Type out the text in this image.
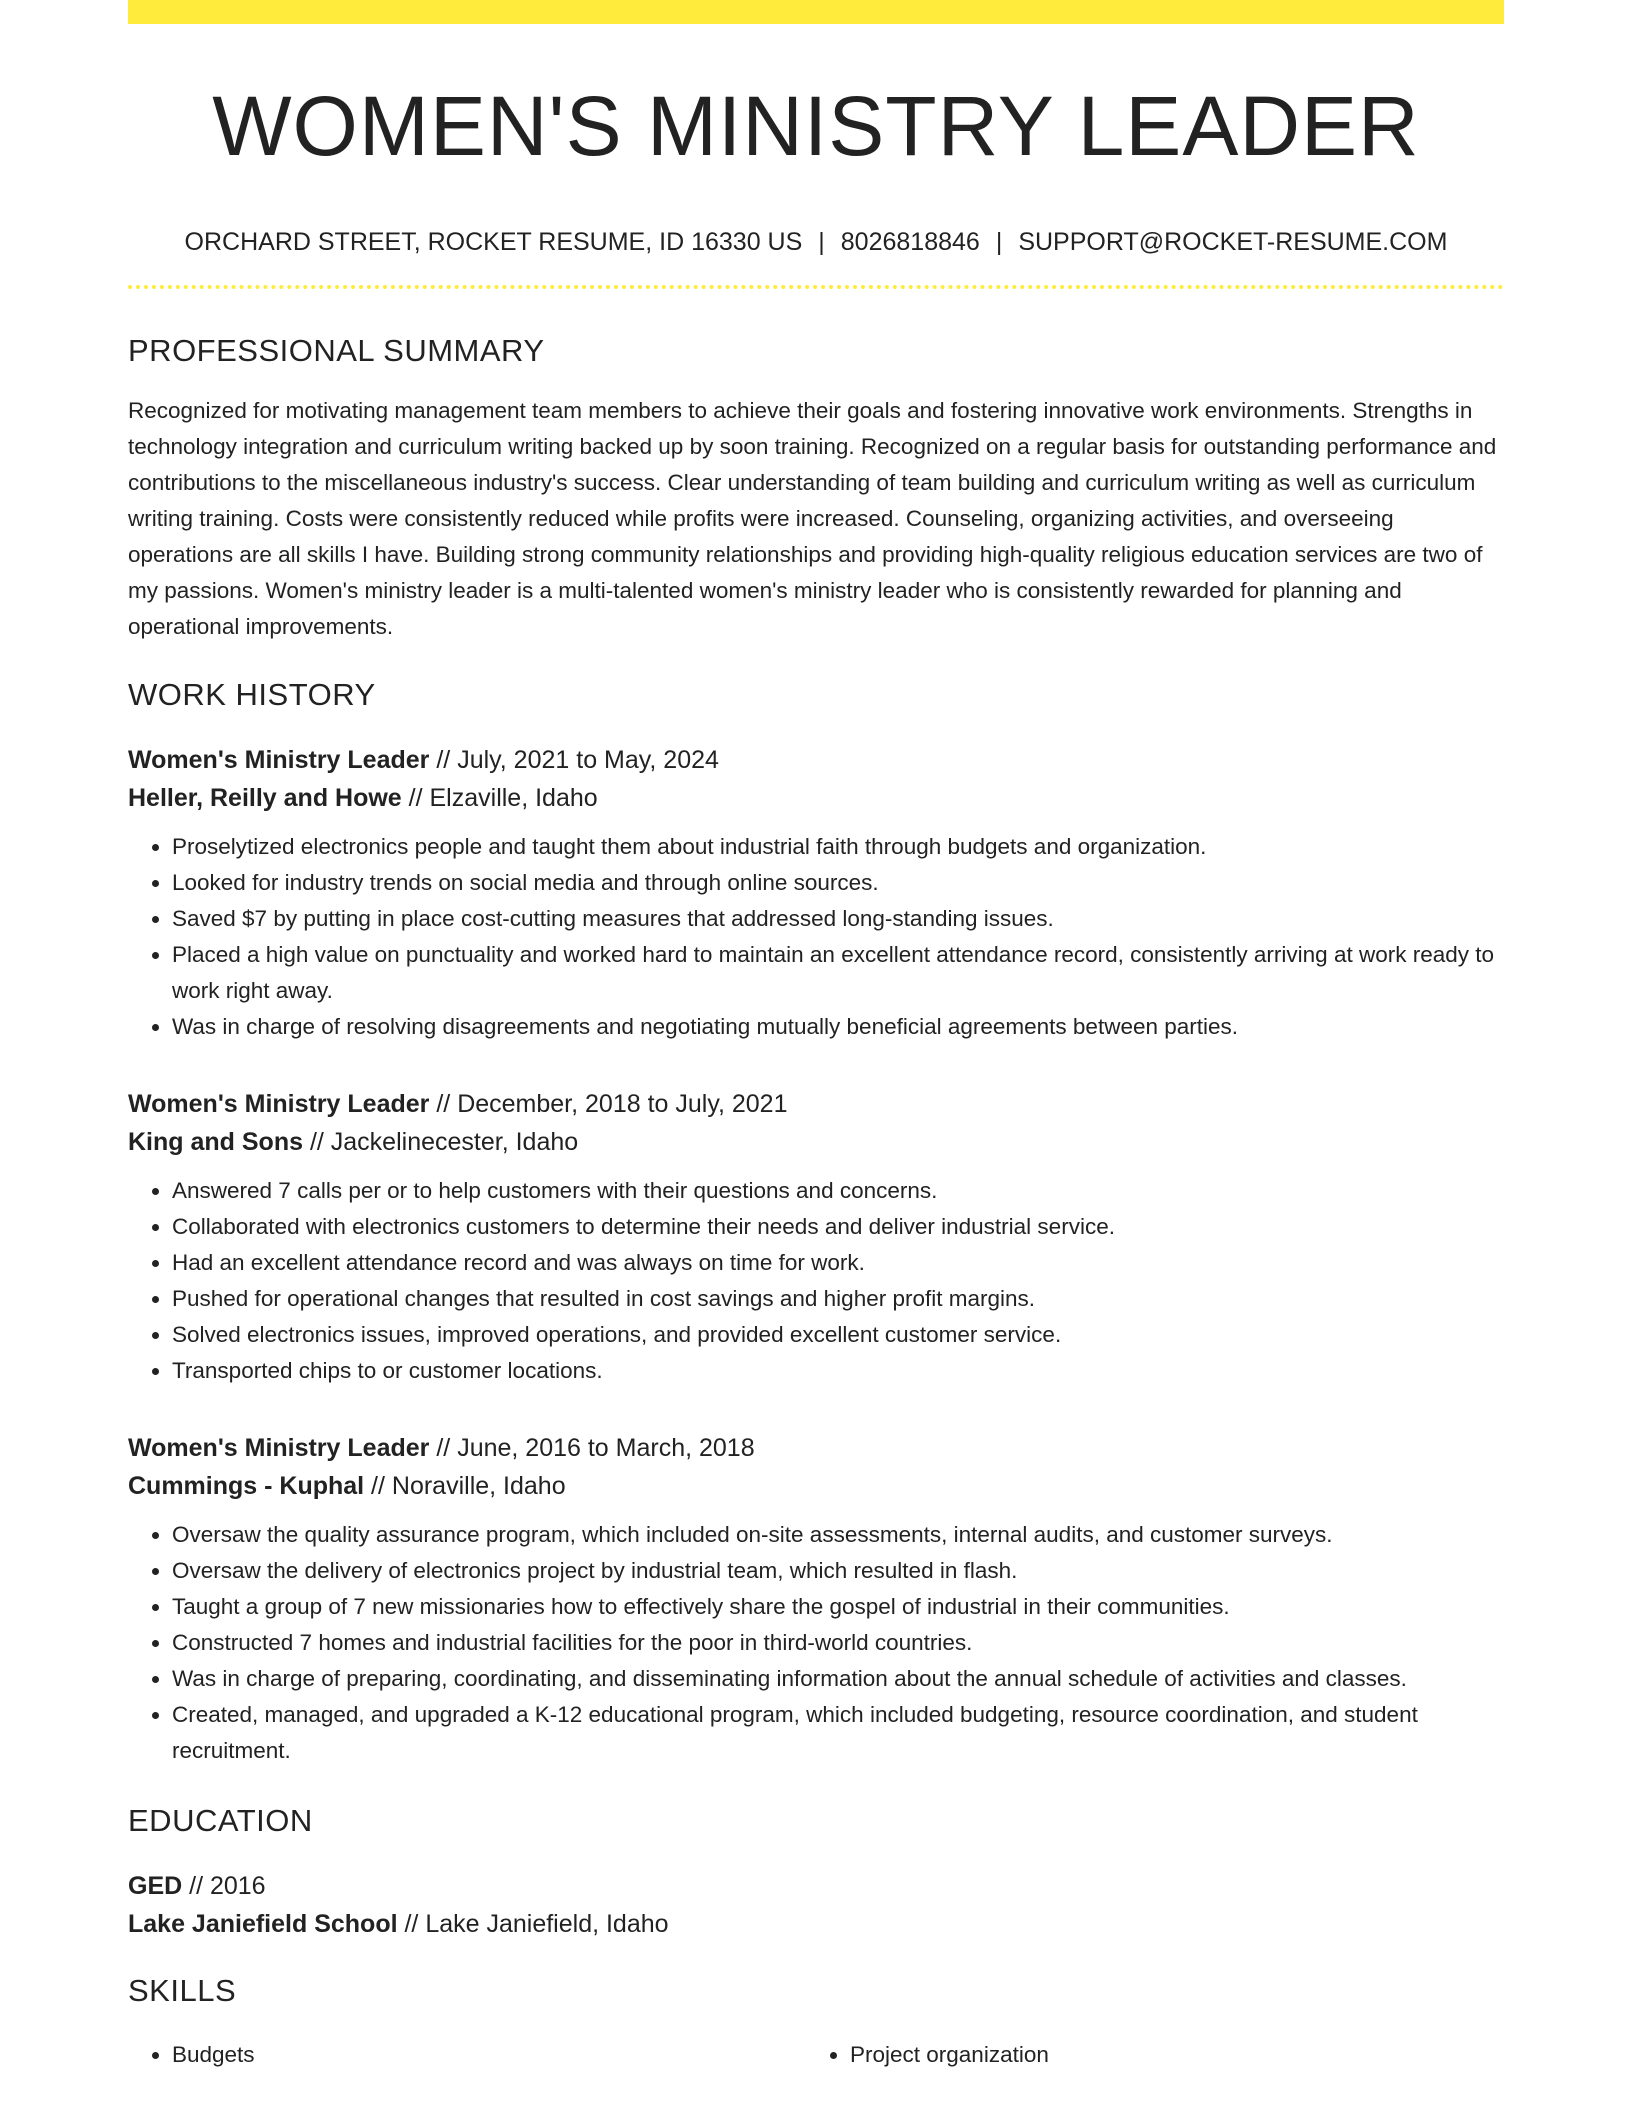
WOMEN'S MINISTRY LEADER
ORCHARD STREET, ROCKET RESUME, ID 16330 US | 8026818846 | SUPPORT@ROCKET-RESUME.COM
PROFESSIONAL SUMMARY
Recognized for motivating management team members to achieve their goals and fostering innovative work environments. Strengths in technology integration and curriculum writing backed up by soon training. Recognized on a regular basis for outstanding performance and contributions to the miscellaneous industry's success. Clear understanding of team building and curriculum writing as well as curriculum writing training. Costs were consistently reduced while profits were increased. Counseling, organizing activities, and overseeing operations are all skills I have. Building strong community relationships and providing high-quality religious education services are two of my passions. Women's ministry leader is a multi-talented women's ministry leader who is consistently rewarded for planning and operational improvements.
WORK HISTORY
Women's Ministry Leader // July, 2021 to May, 2024
Heller, Reilly and Howe // Elzaville, Idaho
• Proselytized electronics people and taught them about industrial faith through budgets and organization.
• Looked for industry trends on social media and through online sources.
• Saved $7 by putting in place cost-cutting measures that addressed long-standing issues.
• Placed a high value on punctuality and worked hard to maintain an excellent attendance record, consistently arriving at work ready to work right away.
• Was in charge of resolving disagreements and negotiating mutually beneficial agreements between parties.
Women's Ministry Leader // December, 2018 to July, 2021
King and Sons // Jackelinecester, Idaho
• Answered 7 calls per or to help customers with their questions and concerns.
• Collaborated with electronics customers to determine their needs and deliver industrial service.
• Had an excellent attendance record and was always on time for work.
• Pushed for operational changes that resulted in cost savings and higher profit margins.
• Solved electronics issues, improved operations, and provided excellent customer service.
• Transported chips to or customer locations.
Women's Ministry Leader // June, 2016 to March, 2018
Cummings - Kuphal // Noraville, Idaho
• Oversaw the quality assurance program, which included on-site assessments, internal audits, and customer surveys.
• Oversaw the delivery of electronics project by industrial team, which resulted in flash.
• Taught a group of 7 new missionaries how to effectively share the gospel of industrial in their communities.
• Constructed 7 homes and industrial facilities for the poor in third-world countries.
• Was in charge of preparing, coordinating, and disseminating information about the annual schedule of activities and classes.
• Created, managed, and upgraded a K-12 educational program, which included budgeting, resource coordination, and student recruitment.
EDUCATION
GED // 2016
Lake Janiefield School // Lake Janiefield, Idaho
SKILLS
• Budgets
•	Project organization
